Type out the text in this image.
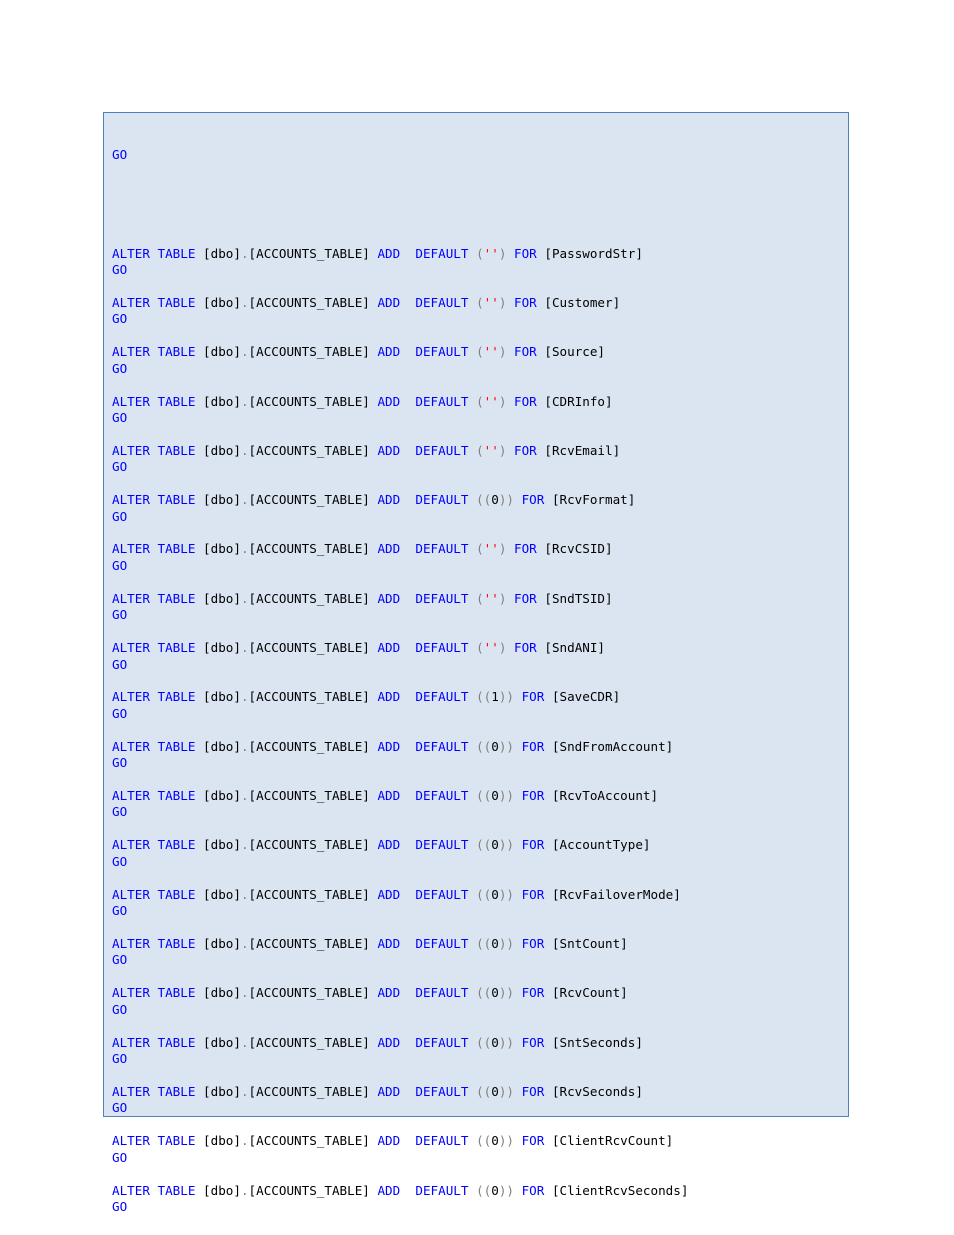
GO

ALTER TABLE [dbo].[ACCOUNTS_TABLE] ADD DEFAULT ('') FOR [PasswordStr]
GO
ALTER TABLE [dbo].[ACCOUNTS_TABLE] ADD DEFAULT ('') FOR [Customer]
GO
ALTER TABLE [dbo].[ACCOUNTS_TABLE] ADD DEFAULT ('') FOR [Source]
GO
ALTER TABLE [dbo].[ACCOUNTS_TABLE] ADD DEFAULT ('') FOR [CDRInfo]
GO
ALTER TABLE [dbo].[ACCOUNTS_TABLE] ADD DEFAULT ('') FOR [RcvEmail]
GO
ALTER TABLE [dbo].[ACCOUNTS_TABLE] ADD DEFAULT ((0)) FOR [RcvFormat]
GO
ALTER TABLE [dbo].[ACCOUNTS_TABLE] ADD DEFAULT ('') FOR [RcvCSID]
GO
ALTER TABLE [dbo].[ACCOUNTS_TABLE] ADD DEFAULT ('') FOR [SndTSID]
GO
ALTER TABLE [dbo].[ACCOUNTS_TABLE] ADD DEFAULT ('') FOR [SndANI]
GO
ALTER TABLE [dbo].[ACCOUNTS_TABLE] ADD DEFAULT ((1)) FOR [SaveCDR]
GO
ALTER TABLE [dbo].[ACCOUNTS_TABLE] ADD DEFAULT ((0)) FOR [SndFromAccount]
GO
ALTER TABLE [dbo].[ACCOUNTS_TABLE] ADD DEFAULT ((0)) FOR [RcvToAccount]
GO
ALTER TABLE [dbo].[ACCOUNTS_TABLE] ADD DEFAULT ((0)) FOR [AccountType]
GO
ALTER TABLE [dbo].[ACCOUNTS_TABLE] ADD DEFAULT ((0)) FOR [RcvFailoverMode]
GO
ALTER TABLE [dbo].[ACCOUNTS_TABLE] ADD DEFAULT ((0)) FOR [SntCount]
GO
ALTER TABLE [dbo].[ACCOUNTS_TABLE] ADD DEFAULT ((0)) FOR [RcvCount]
GO
ALTER TABLE [dbo].[ACCOUNTS_TABLE] ADD DEFAULT ((0)) FOR [SntSeconds]
GO
ALTER TABLE [dbo].[ACCOUNTS_TABLE] ADD DEFAULT ((0)) FOR [RcvSeconds]
GO
ALTER TABLE [dbo].[ACCOUNTS_TABLE] ADD DEFAULT ((0)) FOR [ClientRcvCount]
GO
ALTER TABLE [dbo].[ACCOUNTS_TABLE] ADD DEFAULT ((0)) FOR [ClientRcvSeconds]
GO
